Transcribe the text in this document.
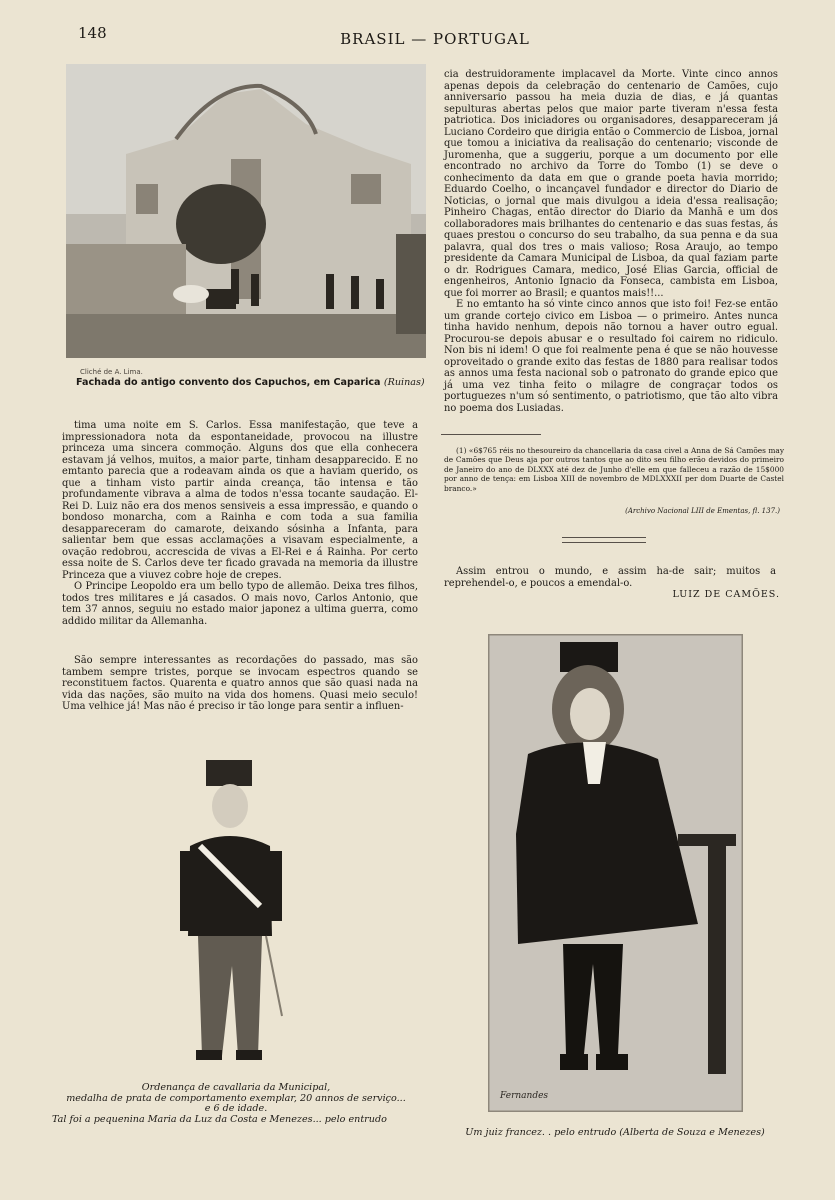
148	BRASIL — PORTUGAL
Cliché de A. Lima.
Fachada do antigo convento dos Capuchos, em Caparica (Ruinas)

tima uma noite em S. Carlos. Essa manifestação, que teve a impressionadora nota da espontaneidade, provocou na illustre princeza uma sincera commoção. Alguns dos que ella conhecera estavam já velhos, muitos, a maior parte, tinham desapparecido. E no emtanto parecia que a rodeavam ainda os que a haviam querido, os que a tinham visto partir ainda creança, tão intensa e tão profundamente vibrava a alma de todos n'essa tocante saudação. El-Rei D. Luiz não era dos menos sensiveis a essa impressão, e quando o bondoso monarcha, com a Rainha e com toda a sua familia desappareceram do camarote, deixando sósinha a Infanta, para salientar bem que essas acclamações a visavam especialmente, a ovação redobrou, accrescida de vivas a El-Rei e á Rainha. Por certo essa noite de S. Carlos deve ter ficado gravada na memoria da illustre Princeza que a viuvez cobre hoje de crepes.

O Principe Leopoldo era um bello typo de allemão. Deixa tres filhos, todos tres militares e já casados. O mais novo, Carlos Antonio, que tem 37 annos, seguiu no estado maior japonez a ultima guerra, como addido militar da Allemanha.

São sempre interessantes as recordações do passado, mas são tambem sempre tristes, porque se invocam espectros quando se reconstituem factos. Quarenta e quatro annos que são quasi nada na vida das nações, são muito na vida dos homens. Quasi meio seculo! Uma velhice já! Mas não é preciso ir tão longe para sentir a influen-

cia destruidoramente implacavel da Morte. Vinte cinco annos apenas depois da celebração do centenario de Camões, cujo anniversario passou ha meia duzia de dias, e já quantas sepulturas abertas pelos que maior parte tiveram n'essa festa patriotica. Dos iniciadores ou organisadores, desappareceram já Luciano Cordeiro que dirigia então o Commercio de Lisboa, jornal que tomou a iniciativa da realisação do centenario; visconde de Juromenha, que a suggeriu, porque a um documento por elle encontrado no archivo da Torre do Tombo (1) se deve o conhecimento da data em que o grande poeta havia morrido; Eduardo Coelho, o incançavel fundador e director do Diario de Noticias, o jornal que mais divulgou a ideia d'essa realisação; Pinheiro Chagas, então director do Diario da Manhã e um dos collaboradores mais brilhantes do centenario e das suas festas, ás quaes prestou o concurso do seu trabalho, da sua penna e da sua palavra, qual dos tres o mais valioso; Rosa Araujo, ao tempo presidente da Camara Municipal de Lisboa, da qual faziam parte o dr. Rodrigues Camara, medico, José Elias Garcia, official de engenheiros, Antonio Ignacio da Fonseca, cambista em Lisboa, que foi morrer ao Brasil; e quantos mais!!...

E no emtanto ha só vinte cinco annos que isto foi! Fez-se então um grande cortejo civico em Lisboa — o primeiro. Antes nunca tinha havido nenhum, depois não tornou a haver outro egual. Procurou-se depois abusar e o resultado foi cairem no ridiculo. Non bis ni idem! O que foi realmente pena é que se não houvesse oproveitado o grande exito das festas de 1880 para realisar todos as annos uma festa nacional sob o patronato do grande epico que já uma vez tinha feito o milagre de congraçar todos os portuguezes n'um só sentimento, o patriotismo, que tão alto vibra no poema dos Lusiadas.

(1) «6$765 réis no thesoureiro da chancellaria da casa civel a Anna de Sá Camões may de Camões que Deus aja por outros tantos que ao dito seu filho erão devidos do primeiro de Janeiro do ano de DLXXX até dez de Junho d'elle em que falleceu a razão de 15$000 por anno de tença: em Lisboa XIII de novembro de MDLXXXII per dom Duarte de Castel branco.»

(Archivo Nacional LIII de Ementas, fl. 137.)
Assim entrou o mundo, e assim ha-de sair; muitos a reprehendel-o, e poucos a emendal-o.
LUIZ DE CAMÕES.
Ordenança de cavallaria da Municipal,
medalha de prata de comportamento exemplar, 20 annos de serviço...
e 6 de idade.
Tal foi a pequenina Maria da Luz da Costa e Menezes... pelo entrudo
Fernandes
Um juiz francez. . pelo entrudo (Alberta de Souza e Menezes)
